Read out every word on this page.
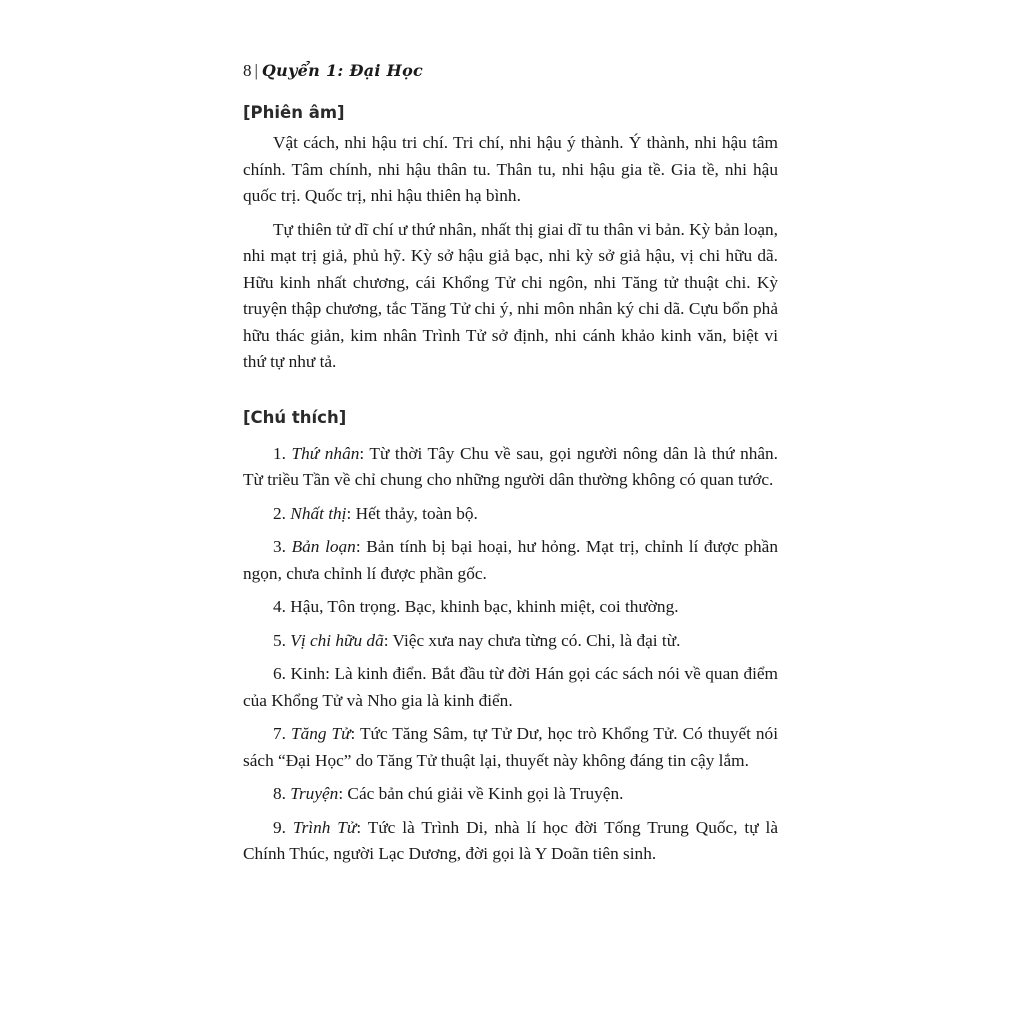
8 | Quyển 1: Đại Học
[Phiên âm]

Vật cách, nhi hậu tri chí. Tri chí, nhi hậu ý thành. Ý thành, nhi hậu tâm chính. Tâm chính, nhi hậu thân tu. Thân tu, nhi hậu gia tề. Gia tề, nhi hậu quốc trị. Quốc trị, nhi hậu thiên hạ bình.

Tự thiên tử dĩ chí ư thứ nhân, nhất thị giai dĩ tu thân vi bản. Kỳ bản loạn, nhi mạt trị giả, phủ hỹ. Kỳ sở hậu giả bạc, nhi kỳ sở giả hậu, vị chi hữu dã. Hữu kinh nhất chương, cái Khổng Tử chi ngôn, nhi Tăng tử thuật chi. Kỳ truyện thập chương, tắc Tăng Tử chi ý, nhi môn nhân ký chi dã. Cựu bổn phả hữu thác giản, kim nhân Trình Tử sở định, nhi cánh khảo kinh văn, biệt vi thứ tự như tả.

[Chú thích]

1. Thứ nhân: Từ thời Tây Chu về sau, gọi người nông dân là thứ nhân. Từ triều Tần về chỉ chung cho những người dân thường không có quan tước.

2. Nhất thị: Hết thảy, toàn bộ.

3. Bản loạn: Bản tính bị bại hoại, hư hỏng. Mạt trị, chỉnh lí được phần ngọn, chưa chỉnh lí được phần gốc.

4. Hậu, Tôn trọng. Bạc, khinh bạc, khinh miệt, coi thường.

5. Vị chi hữu dã: Việc xưa nay chưa từng có. Chi, là đại từ.

6. Kinh: Là kinh điển. Bắt đầu từ đời Hán gọi các sách nói về quan điểm của Khổng Tử và Nho gia là kinh điển.

7. Tăng Tử: Tức Tăng Sâm, tự Tử Dư, học trò Khổng Tử. Có thuyết nói sách “Đại Học” do Tăng Tử thuật lại, thuyết này không đáng tin cậy lắm.

8. Truyện: Các bản chú giải về Kinh gọi là Truyện.

9. Trình Tử: Tức là Trình Di, nhà lí học đời Tống Trung Quốc, tự là Chính Thúc, người Lạc Dương, đời gọi là Y Doãn tiên sinh.
